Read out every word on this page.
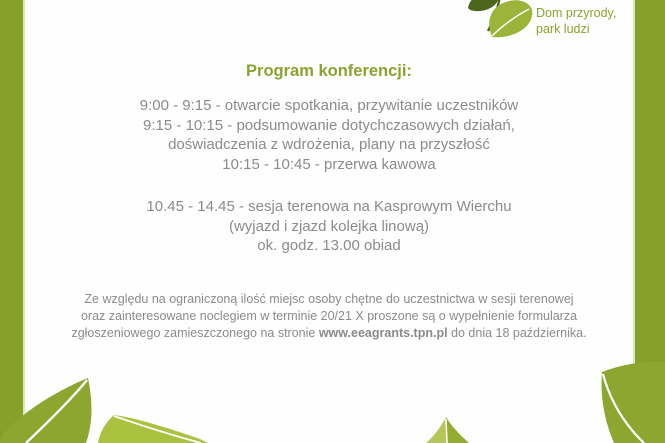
Dom przyrody,
park ludzi
Program konferencji:
9:00 - 9:15 - otwarcie spotkania, przywitanie uczestników
9:15 - 10:15 - podsumowanie dotychczasowych działań,
doświadczenia z wdrożenia, plany na przyszłość
10:15 - 10:45 - przerwa kawowa
10.45 - 14.45 - sesja terenowa na Kasprowym Wierchu
(wyjazd i zjazd kolejka linową)
ok. godz. 13.00 obiad
Ze względu na ograniczoną ilość miejsc osoby chętne do uczestnictwa w sesji terenowej
oraz zainteresowane noclegiem w terminie 20/21 X proszone są o wypełnienie formularza
zgłoszeniowego zamieszczonego na stronie www.eeagrants.tpn.pl do dnia 18 października.
